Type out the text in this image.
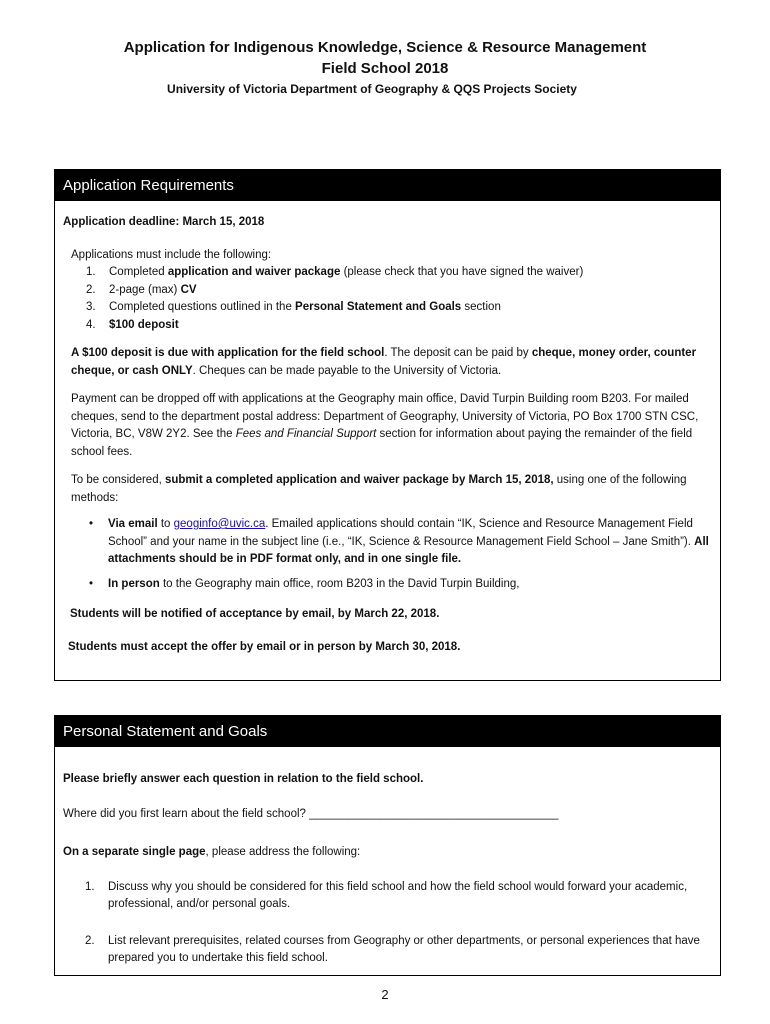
Application for Indigenous Knowledge, Science & Resource Management
Field School 2018
University of Victoria Department of Geography & QQS Projects Society
Application Requirements
Application deadline: March 15, 2018
Applications must include the following:
1. Completed application and waiver package (please check that you have signed the waiver)
2. 2-page (max) CV
3. Completed questions outlined in the Personal Statement and Goals section
4. $100 deposit
A $100 deposit is due with application for the field school. The deposit can be paid by cheque, money order, counter cheque, or cash ONLY. Cheques can be made payable to the University of Victoria.
Payment can be dropped off with applications at the Geography main office, David Turpin Building room B203. For mailed cheques, send to the department postal address: Department of Geography, University of Victoria, PO Box 1700 STN CSC, Victoria, BC, V8W 2Y2. See the Fees and Financial Support section for information about paying the remainder of the field school fees.
To be considered, submit a completed application and waiver package by March 15, 2018, using one of the following methods:
• Via email to geoginfo@uvic.ca. Emailed applications should contain “IK, Science and Resource Management Field School” and your name in the subject line (i.e., “IK, Science & Resource Management Field School – Jane Smith”). All attachments should be in PDF format only, and in one single file.
• In person to the Geography main office, room B203 in the David Turpin Building,
Students will be notified of acceptance by email, by March 22, 2018.
Students must accept the offer by email or in person by March 30, 2018.
Personal Statement and Goals
Please briefly answer each question in relation to the field school.
Where did you first learn about the field school? _______________________________________
On a separate single page, please address the following:
1. Discuss why you should be considered for this field school and how the field school would forward your academic, professional, and/or personal goals.
2. List relevant prerequisites, related courses from Geography or other departments, or personal experiences that have prepared you to undertake this field school.
2
